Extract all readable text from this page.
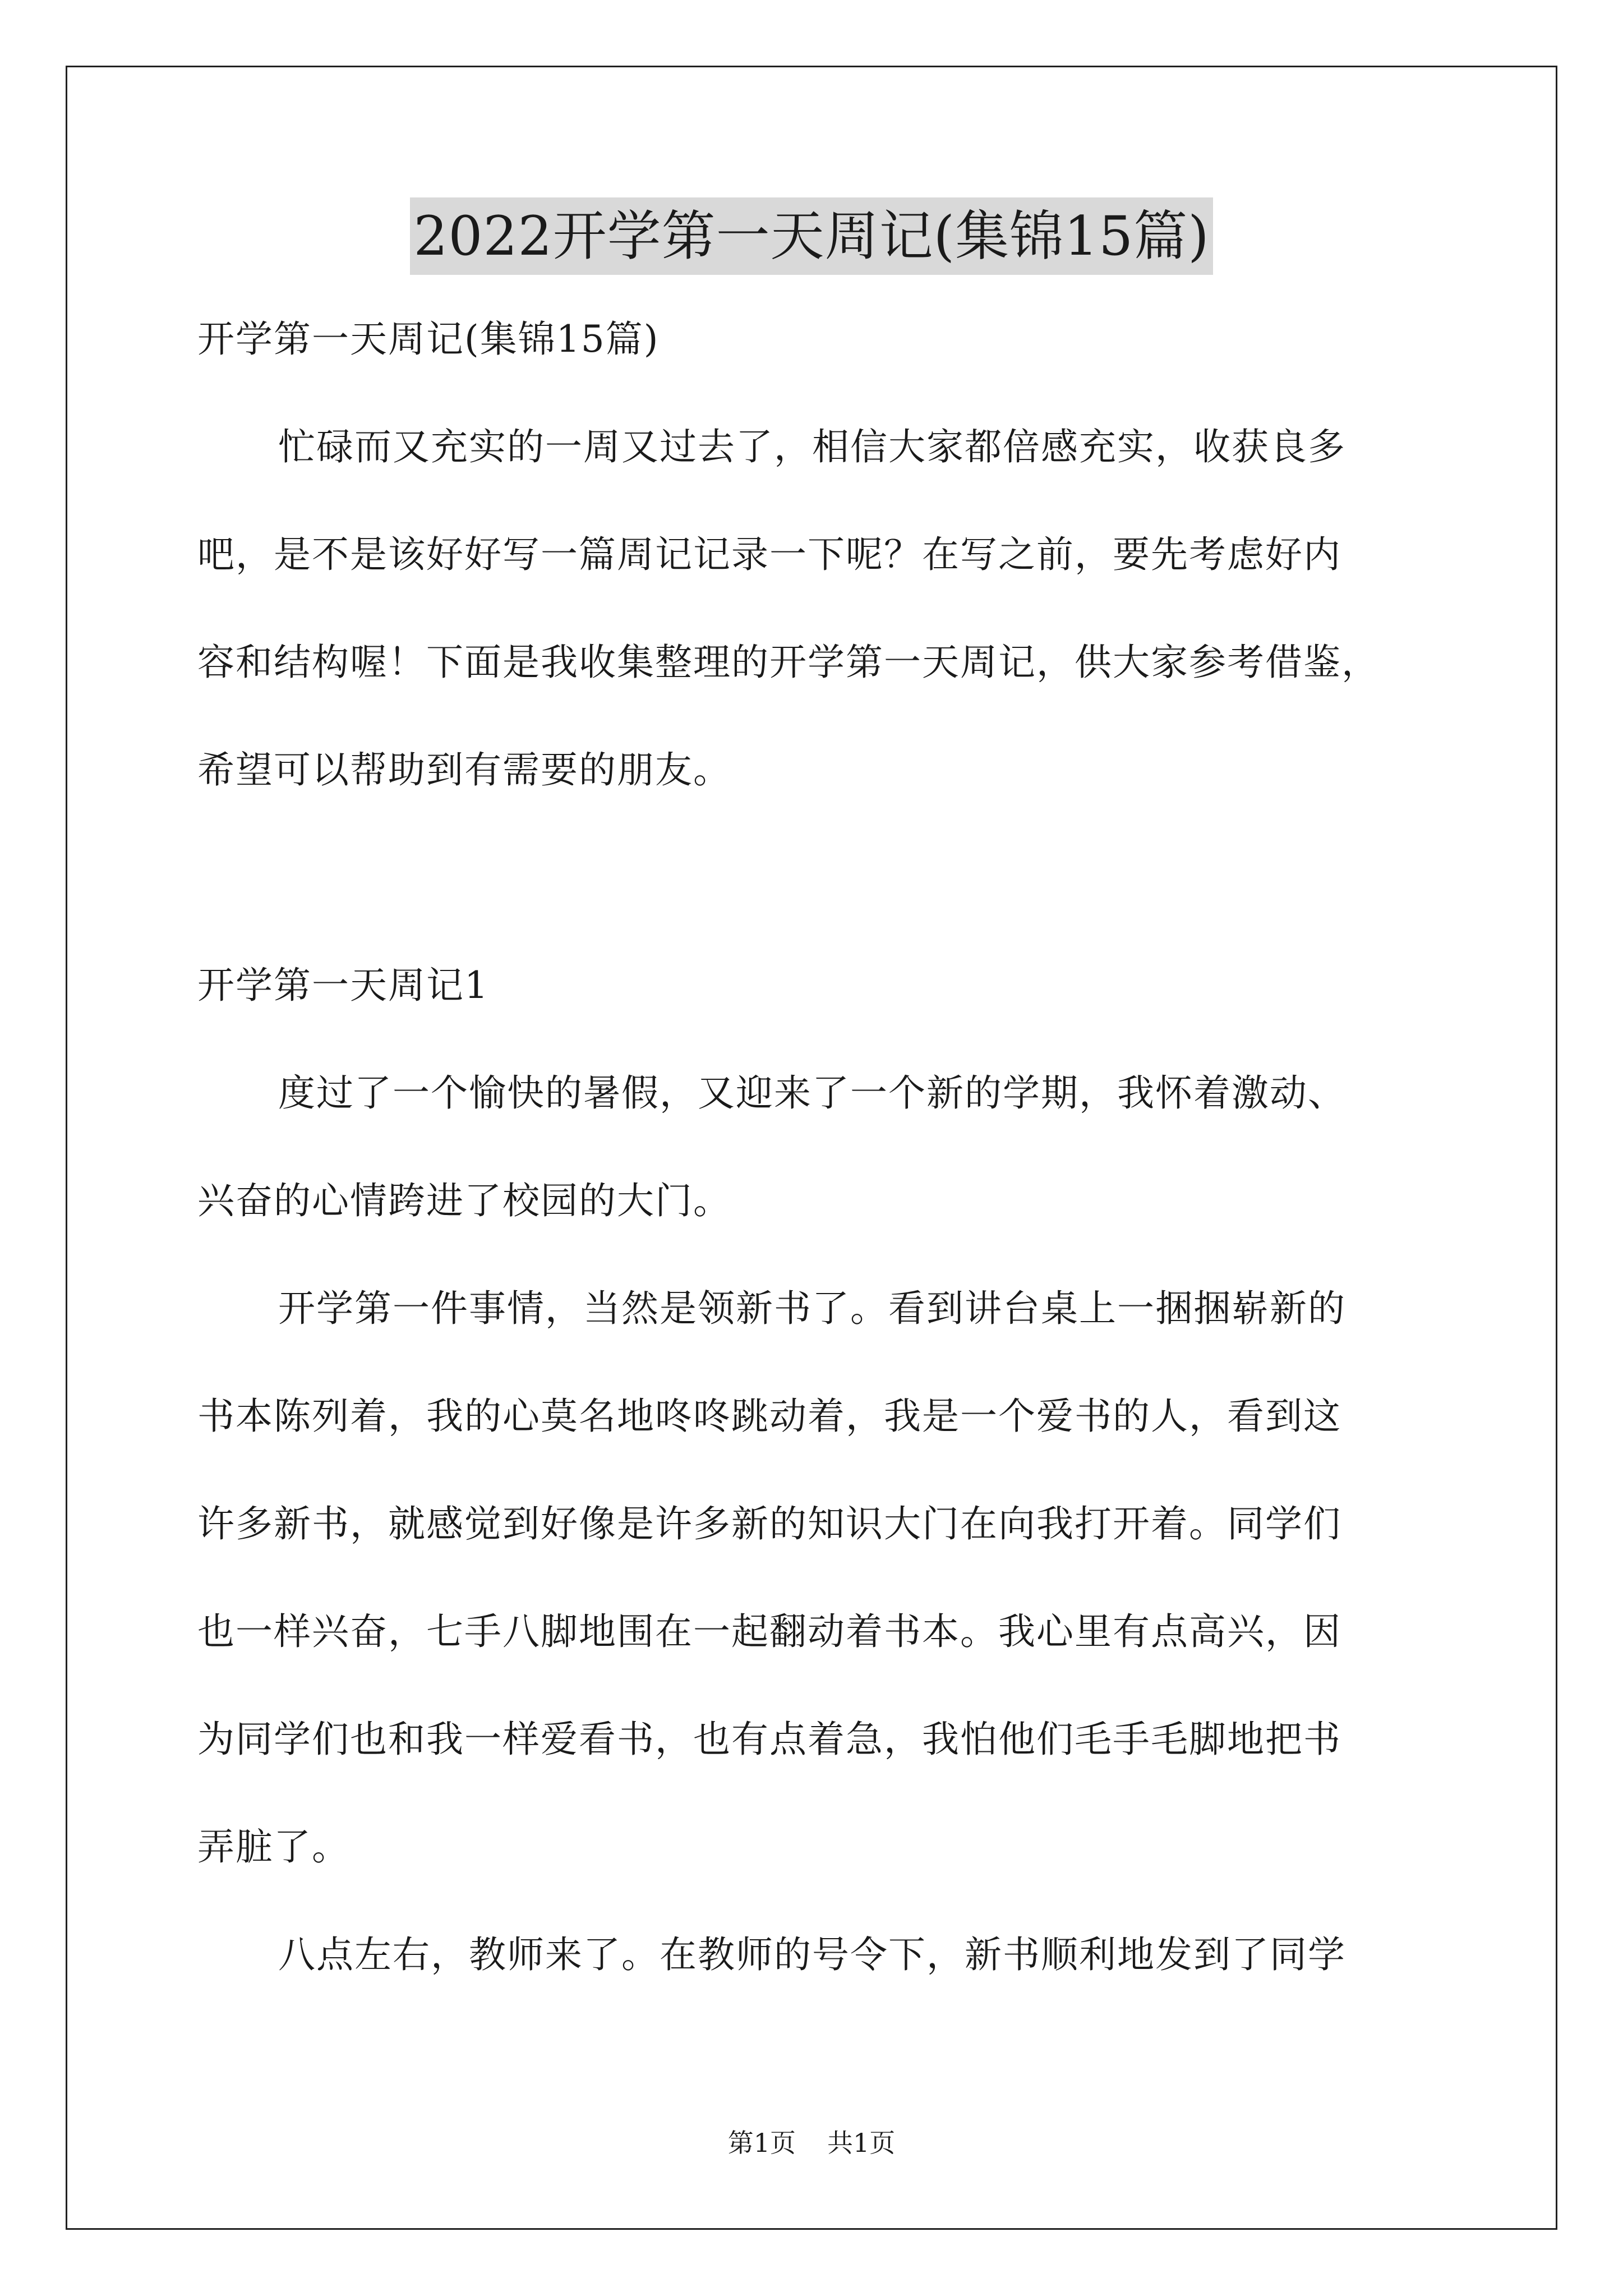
2022开学第一天周记(集锦15篇)
开学第一天周记(集锦15篇)
忙碌而又充实的一周又过去了，相信大家都倍感充实，收获良多
吧，是不是该好好写一篇周记记录一下呢？在写之前，要先考虑好内
容和结构喔！下面是我收集整理的开学第一天周记，供大家参考借鉴，
希望可以帮助到有需要的朋友。
开学第一天周记1
度过了一个愉快的暑假，又迎来了一个新的学期，我怀着激动、
兴奋的心情跨进了校园的大门。
开学第一件事情，当然是领新书了。看到讲台桌上一捆捆崭新的
书本陈列着，我的心莫名地咚咚跳动着，我是一个爱书的人，看到这
许多新书，就感觉到好像是许多新的知识大门在向我打开着。同学们
也一样兴奋，七手八脚地围在一起翻动着书本。我心里有点高兴，因
为同学们也和我一样爱看书，也有点着急，我怕他们毛手毛脚地把书
弄脏了。
八点左右，教师来了。在教师的号令下，新书顺利地发到了同学
第1页 共1页
